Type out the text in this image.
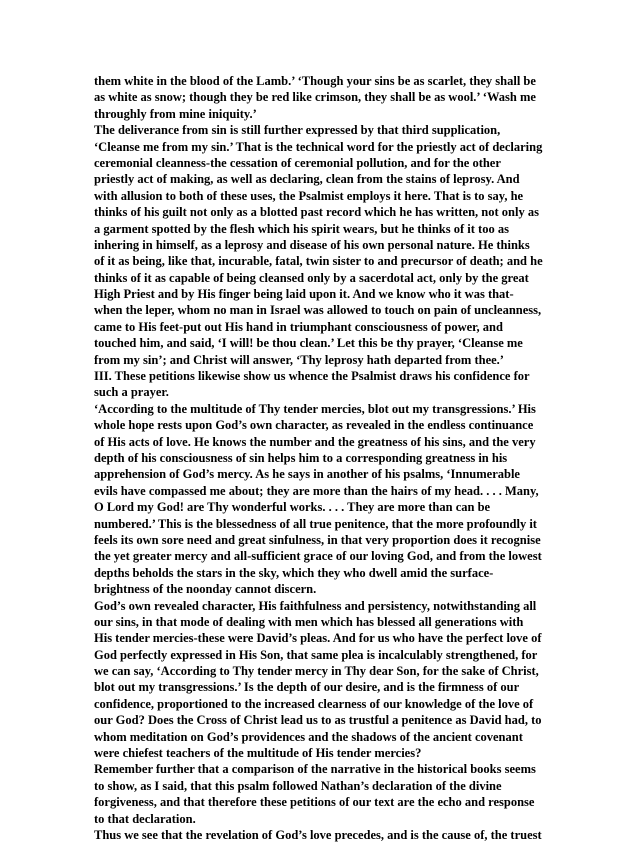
them white in the blood of the Lamb.’ ‘Though your sins be as scarlet, they shall be
as white as snow; though they be red like crimson, they shall be as wool.’ ‘Wash me
throughly from mine iniquity.’
The deliverance from sin is still further expressed by that third supplication,
‘Cleanse me from my sin.’ That is the technical word for the priestly act of declaring
ceremonial cleanness-the cessation of ceremonial pollution, and for the other
priestly act of making, as well as declaring, clean from the stains of leprosy. And
with allusion to both of these uses, the Psalmist employs it here. That is to say, he
thinks of his guilt not only as a blotted past record which he has written, not only as
a garment spotted by the flesh which his spirit wears, but he thinks of it too as
inhering in himself, as a leprosy and disease of his own personal nature. He thinks
of it as being, like that, incurable, fatal, twin sister to and precursor of death; and he
thinks of it as capable of being cleansed only by a sacerdotal act, only by the great
High Priest and by His finger being laid upon it. And we know who it was that-
when the leper, whom no man in Israel was allowed to touch on pain of uncleanness,
came to His feet-put out His hand in triumphant consciousness of power, and
touched him, and said, ‘I will! be thou clean.’ Let this be thy prayer, ‘Cleanse me
from my sin’; and Christ will answer, ‘Thy leprosy hath departed from thee.’
III. These petitions likewise show us whence the Psalmist draws his confidence for
such a prayer.
‘According to the multitude of Thy tender mercies, blot out my transgressions.’ His
whole hope rests upon God’s own character, as revealed in the endless continuance
of His acts of love. He knows the number and the greatness of his sins, and the very
depth of his consciousness of sin helps him to a corresponding greatness in his
apprehension of God’s mercy. As he says in another of his psalms, ‘Innumerable
evils have compassed me about; they are more than the hairs of my head. . . . Many,
O Lord my God! are Thy wonderful works. . . . They are more than can be
numbered.’ This is the blessedness of all true penitence, that the more profoundly it
feels its own sore need and great sinfulness, in that very proportion does it recognise
the yet greater mercy and all-sufficient grace of our loving God, and from the lowest
depths beholds the stars in the sky, which they who dwell amid the surface-
brightness of the noonday cannot discern.
God’s own revealed character, His faithfulness and persistency, notwithstanding all
our sins, in that mode of dealing with men which has blessed all generations with
His tender mercies-these were David’s pleas. And for us who have the perfect love of
God perfectly expressed in His Son, that same plea is incalculably strengthened, for
we can say, ‘According to Thy tender mercy in Thy dear Son, for the sake of Christ,
blot out my transgressions.’ Is the depth of our desire, and is the firmness of our
confidence, proportioned to the increased clearness of our knowledge of the love of
our God? Does the Cross of Christ lead us to as trustful a penitence as David had, to
whom meditation on God’s providences and the shadows of the ancient covenant
were chiefest teachers of the multitude of His tender mercies?
Remember further that a comparison of the narrative in the historical books seems
to show, as I said, that this psalm followed Nathan’s declaration of the divine
forgiveness, and that therefore these petitions of our text are the echo and response
to that declaration.
Thus we see that the revelation of God’s love precedes, and is the cause of, the truest
